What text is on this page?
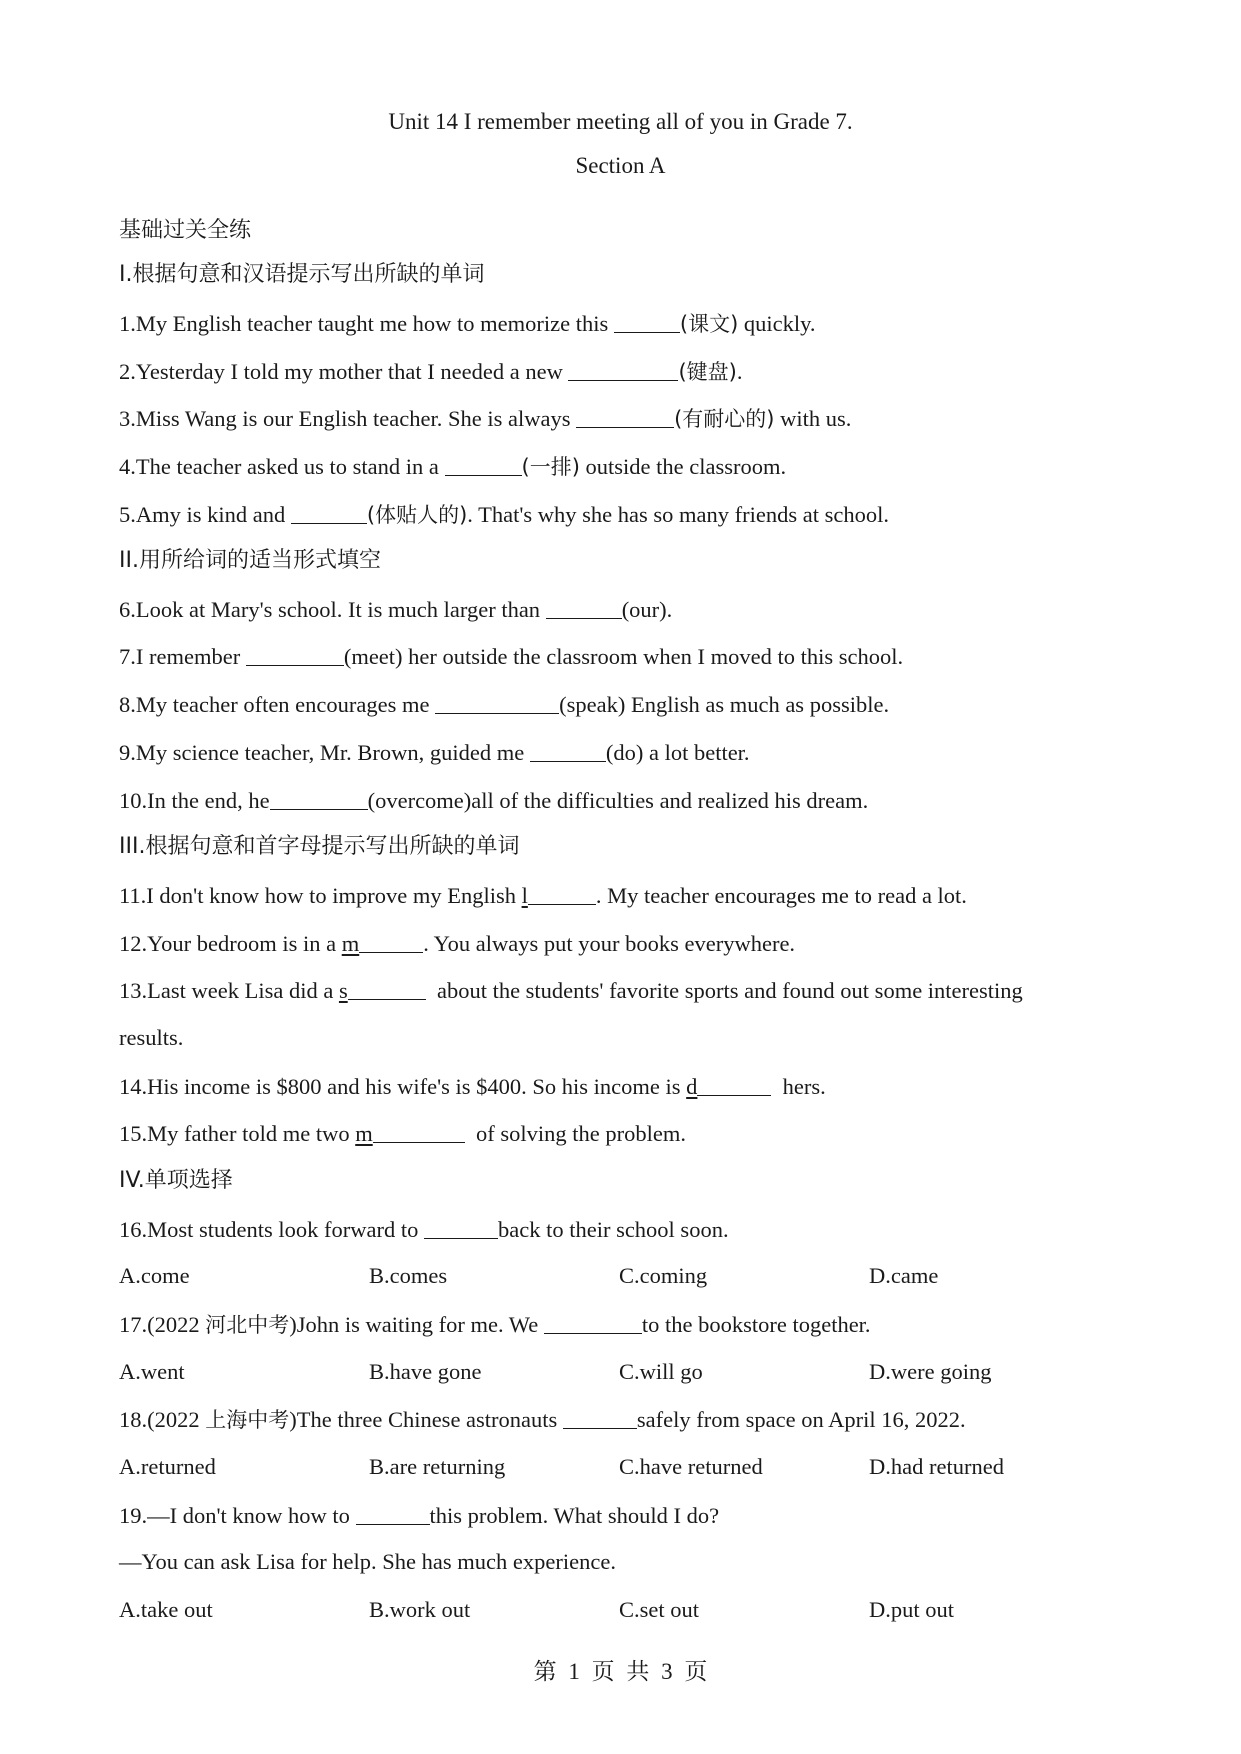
Unit 14 I remember meeting all of you in Grade 7.
Section A
基础过关全练
I.根据句意和汉语提示写出所缺的单词
1.My English teacher taught me how to memorize this	(课文) quickly.
2.Yesterday I told my mother that I needed a new	(键盘).
3.Miss Wang is our English teacher. She is always	(有耐心的) with us.
4.The teacher asked us to stand in a	(一排) outside the classroom.
5.Amy is kind and	(体贴人的). That's why she has so many friends at school.
II.用所给词的适当形式填空
6.Look at Mary's school. It is much larger than	(our).
7.I remember	(meet) her outside the classroom when I moved to this school.
8.My teacher often encourages me	(speak) English as much as possible.
9.My science teacher, Mr. Brown, guided me	(do) a lot better.
10.In the end, he	(overcome)all of the difficulties and realized his dream.
III.根据句意和首字母提示写出所缺的单词
11.I don't know how to improve my English l	. My teacher encourages me to read a lot.
12.Your bedroom is in a m	. You always put your books everywhere.
13.Last week Lisa did a s	about the students' favorite sports and found out some interesting
results.
14.His income is $800 and his wife's is $400. So his income is d	hers.
15.My father told me two m	of solving the problem.
IV.单项选择
16.Most students look forward to	back to their school soon.
A.come	B.comes	C.coming	D.came
17.(2022 河北中考)John is waiting for me. We	to the bookstore together.
A.went	B.have gone	C.will go	D.were going
18.(2022 上海中考)The three Chinese astronauts	safely from space on April 16, 2022.
A.returned	B.are returning	C.have returned	D.had returned
19.—I don't know how to	this problem. What should I do?
—You can ask Lisa for help. She has much experience.
A.take out	B.work out	C.set out	D.put out
第 1 页 共 3 页
